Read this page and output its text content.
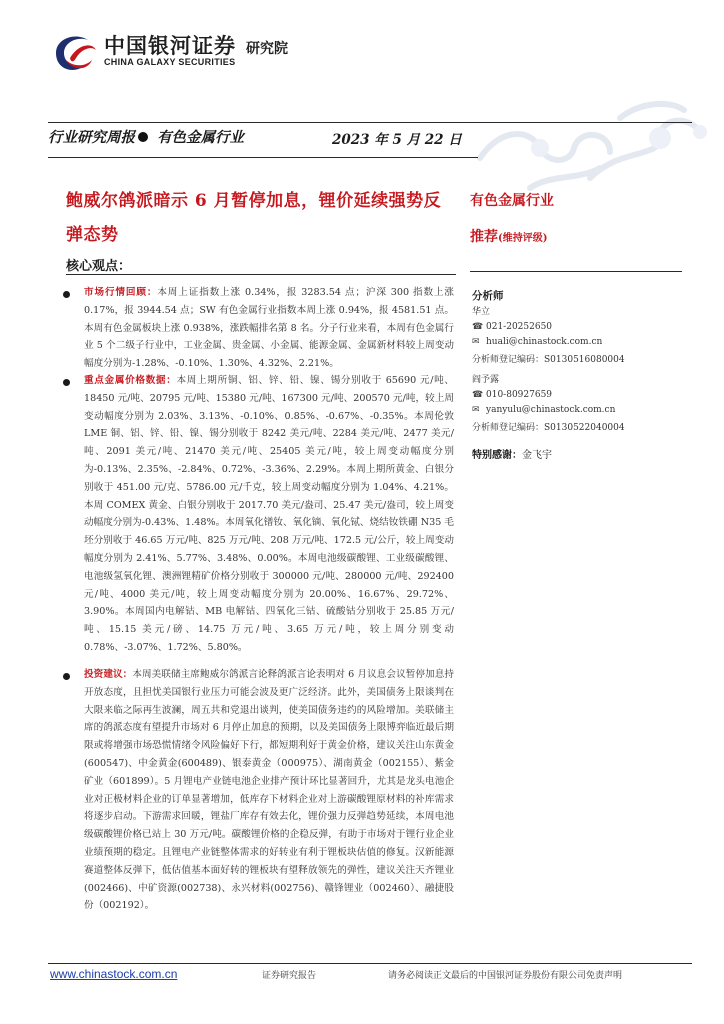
中国银河证券 研究院
CHINA GALAXY SECURITIES
行业研究周报 有色金属行业	2023 年 5 月 22 日
鲍威尔鸽派暗示 6 月暂停加息，锂价延续强势反弹态势
核心观点：
市场行情回顾：本周上证指数上涨 0.34%，报 3283.54 点；沪深 300 指数上涨 0.17%，报 3944.54 点；SW 有色金属行业指数本周上涨 0.94%，报 4581.51 点。本周有色金属板块上涨 0.938%，涨跌幅排名第 8 名。分子行业来看，本周有色金属行业 5 个二级子行业中，工业金属、贵金属、小金属、能源金属、金属新材料较上周变动幅度分别为-1.28%、-0.10%、1.30%、4.32%、2.21%。
重点金属价格数据：本周上期所铜、铝、锌、铅、镍、锡分别收于 65690 元/吨、18450 元/吨、20795 元/吨、15380 元/吨、167300 元/吨、200570 元/吨，较上周变动幅度分别为 2.03%、3.13%、-0.10%、0.85%、-0.67%、-0.35%。本周伦敦 LME 铜、铝、锌、铅、镍、锡分别收于 8242 美元/吨、2284 美元/吨、2477 美元/吨、2091 美元/吨、21470 美元/吨、25405 美元/吨，较上周变动幅度分别为-0.13%、2.35%、-2.84%、0.72%、-3.36%、2.29%。本周上期所黄金、白银分别收于 451.00 元/克、5786.00 元/千克，较上周变动幅度分别为 1.04%、4.21%。本周 COMEX 黄金、白银分别收于 2017.70 美元/盎司、25.47 美元/盎司，较上周变动幅度分别为-0.43%、1.48%。本周氧化镨钕、氧化镝、氧化铽、烧结钕铁硼 N35 毛坯分别收于 46.65 万元/吨、825 万元/吨、208 万元/吨、172.5 元/公斤，较上周变动幅度分别为 2.41%、5.77%、3.48%、0.00%。本周电池级碳酸锂、工业级碳酸锂、电池级氢氧化锂、澳洲锂精矿价格分别收于 300000 元/吨、280000 元/吨、292400 元/吨、4000 美元/吨，较上周变动幅度分别为 20.00%、16.67%、29.72%、3.90%。本周国内电解钴、MB 电解钴、四氧化三钴、硫酸钴分别收于 25.85 万元/吨、15.15 美元/磅、14.75 万元/吨、3.65 万元/吨，较上周分别变动 0.78%、-3.07%、1.72%、5.80%。
投资建议：本周美联储主席鲍威尔鸽派言论释鸽派言论表明对 6 月议息会议暂停加息持开放态度，且担忧美国银行业压力可能会波及更广泛经济。此外，美国债务上限谈判在大限来临之际再生波澜，周五共和党退出谈判，使美国债务违约的风险增加。美联储主席的鸽派态度有望提升市场对 6 月停止加息的预期，以及美国债务上限博弈临近最后期限或将增强市场恐慌情绪令风险偏好下行，都短期利好于黄金价格，建议关注山东黄金(600547)、中金黄金(600489)、银泰黄金（000975）、湖南黄金（002155）、紫金矿业（601899）。5 月锂电产业链电池企业排产预计环比显著回升，尤其是龙头电池企业对正极材料企业的订单显著增加，低库存下材料企业对上游碳酸锂原材料的补库需求将逐步启动。下游需求回暖，锂盐厂库存有效去化，锂价强力反弹趋势延续，本周电池级碳酸锂价格已站上 30 万元/吨。碳酸锂价格的企稳反弹，有助于市场对于锂行业企业业绩预期的稳定。且锂电产业链整体需求的好转业有利于锂板块估值的修复。汉新能源赛道整体反弹下，低估值基本面好转的锂板块有望释放领先的弹性，建议关注天齐锂业(002466)、中矿资源(002738)、永兴材料(002756)、赣锋锂业（002460）、融捷股份（002192）。
有色金属行业
推荐(维持评级)
分析师
华立
☎ 021-20252650
✉ huali@chinastock.com.cn
分析师登记编码：S0130516080004
阎予露
☎ 010-80927659
✉ yanyulu@chinastock.com.cn
分析师登记编码：S0130522040004
特别感谢：金飞宇
www.chinastock.com.cn	证券研究报告	请务必阅读正文最后的中国银河证券股份有限公司免责声明
